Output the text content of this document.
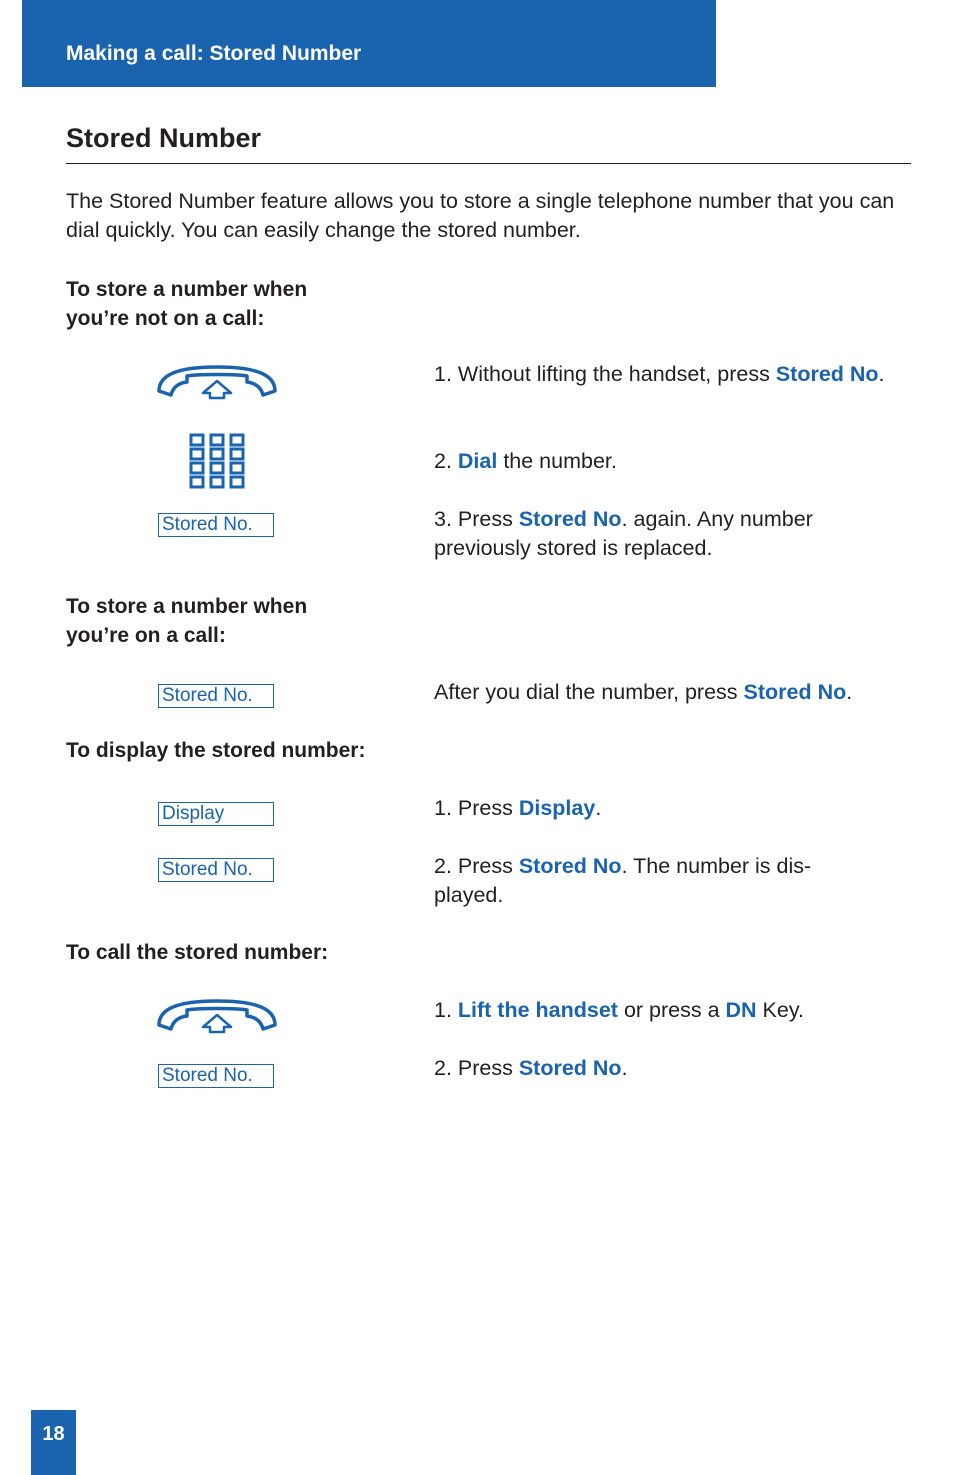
Making a call: Stored Number
Stored Number

The Stored Number feature allows you to store a single telephone number that you can dial quickly. You can easily change the stored number.

To store a number when
you’re not on a call:

1. Without lifting the handset, press Stored No.

2. Dial the number.

Stored No.	3. Press Stored No. again. Any number previously stored is replaced.

To store a number when
you’re on a call:

Stored No.	After you dial the number, press Stored No.

To display the stored number:

Display	1. Press Display.

Stored No.	2. Press Stored No. The number is dis-played.

To call the stored number:

1. Lift the handset or press a DN Key.

Stored No.	2. Press Stored No.

18
